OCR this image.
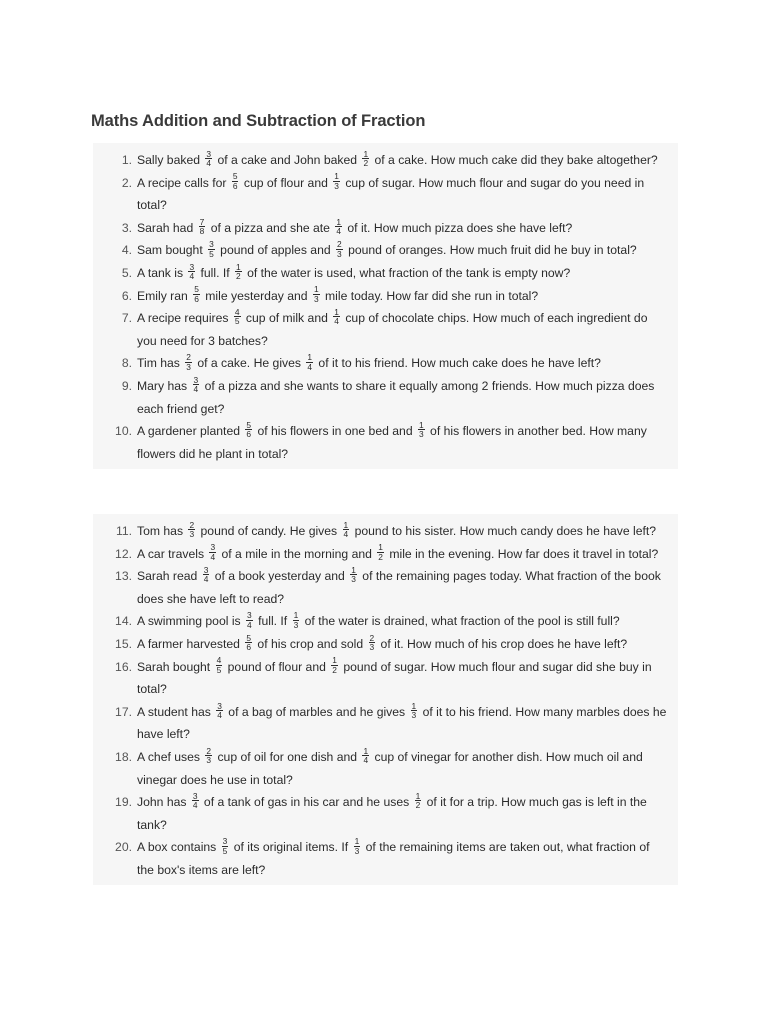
Maths Addition and Subtraction of Fraction
1. Sally baked $\frac{3}{4}$ of a cake and John baked $\frac{1}{2}$ of a cake. How much cake did they bake altogether?
2. A recipe calls for $\frac{5}{6}$ cup of flour and $\frac{1}{3}$ cup of sugar. How much flour and sugar do you need in
total?
3. Sarah had $\frac{7}{8}$ of a pizza and she ate $\frac{1}{4}$ of it. How much pizza does she have left?
4. Sam bought $\frac{3}{5}$ pound of apples and $\frac{2}{3}$ pound of oranges. How much fruit did he buy in total?
5. A tank is $\frac{3}{4}$ full. If $\frac{1}{2}$ of the water is used, what fraction of the tank is empty now?
6. Emily ran $\frac{5}{6}$ mile yesterday and $\frac{1}{3}$ mile today. How far did she run in total?
7. A recipe requires $\frac{4}{5}$ cup of milk and $\frac{1}{4}$ cup of chocolate chips. How much of each ingredient do
you need for 3 batches?
8. Tim has $\frac{2}{3}$ of a cake. He gives $\frac{1}{4}$ of it to his friend. How much cake does he have left?
9. Mary has $\frac{3}{4}$ of a pizza and she wants to share it equally among 2 friends. How much pizza does
each friend get?
10. A gardener planted $\frac{5}{6}$ of his flowers in one bed and $\frac{1}{3}$ of his flowers in another bed. How many
flowers did he plant in total?
11. Tom has $\frac{2}{3}$ pound of candy. He gives $\frac{1}{4}$ pound to his sister. How much candy does he have left?
12. A car travels $\frac{3}{4}$ of a mile in the morning and $\frac{1}{2}$ mile in the evening. How far does it travel in total?
13. Sarah read $\frac{3}{4}$ of a book yesterday and $\frac{1}{3}$ of the remaining pages today. What fraction of the book
does she have left to read?
14. A swimming pool is $\frac{3}{4}$ full. If $\frac{1}{3}$ of the water is drained, what fraction of the pool is still full?
15. A farmer harvested $\frac{5}{6}$ of his crop and sold $\frac{2}{3}$ of it. How much of his crop does he have left?
16. Sarah bought $\frac{4}{5}$ pound of flour and $\frac{1}{2}$ pound of sugar. How much flour and sugar did she buy in
total?
17. A student has $\frac{3}{4}$ of a bag of marbles and he gives $\frac{1}{3}$ of it to his friend. How many marbles does he
have left?
18. A chef uses $\frac{2}{3}$ cup of oil for one dish and $\frac{1}{4}$ cup of vinegar for another dish. How much oil and
vinegar does he use in total?
19. John has $\frac{3}{4}$ of a tank of gas in his car and he uses $\frac{1}{2}$ of it for a trip. How much gas is left in the
tank?
20. A box contains $\frac{3}{5}$ of its original items. If $\frac{1}{3}$ of the remaining items are taken out, what fraction of
the box's items are left?
